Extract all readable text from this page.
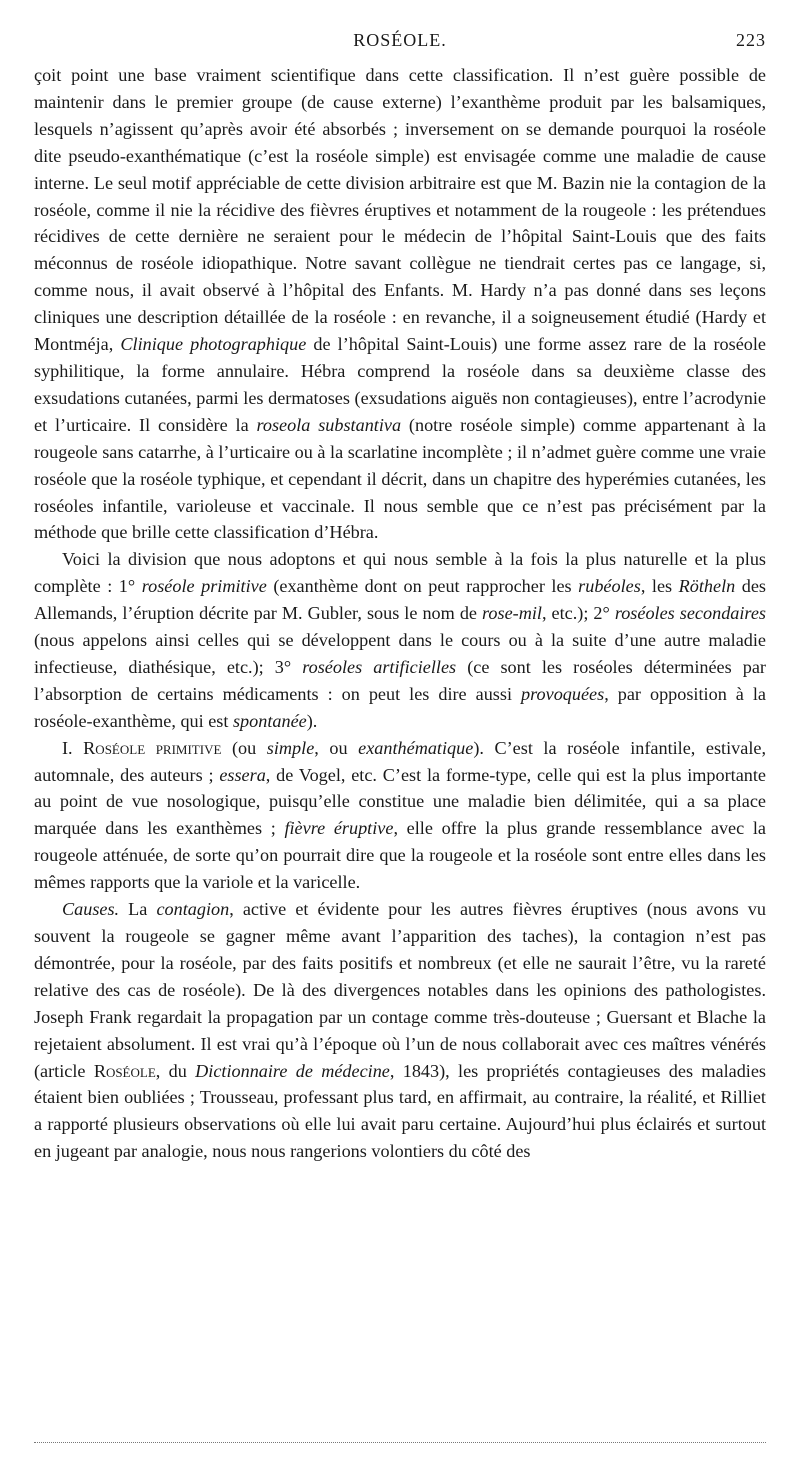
ROSÉOLE.	223

çoit point une base vraiment scientifique dans cette classification. Il n’est guère possible de maintenir dans le premier groupe (de cause externe) l’exanthème produit par les balsamiques, lesquels n’agissent qu’après avoir été absorbés ; inversement on se demande pourquoi la roséole dite pseudo-exanthématique (c’est la roséole simple) est envisagée comme une maladie de cause interne. Le seul motif appréciable de cette division arbitraire est que M. Bazin nie la contagion de la roséole, comme il nie la récidive des fièvres éruptives et notamment de la rougeole : les prétendues récidives de cette dernière ne seraient pour le médecin de l’hôpital Saint-Louis que des faits méconnus de roséole idiopathique. Notre savant collègue ne tiendrait certes pas ce langage, si, comme nous, il avait observé à l’hôpital des Enfants. M. Hardy n’a pas donné dans ses leçons cliniques une description détaillée de la roséole : en revanche, il a soigneusement étudié (Hardy et Montméja, Clinique photographique de l’hôpital Saint-Louis) une forme assez rare de la roséole syphilitique, la forme annulaire. Hébra comprend la roséole dans sa deuxième classe des exsudations cutanées, parmi les dermatoses (exsudations aiguës non contagieuses), entre l’acrodynie et l’urticaire. Il considère la roseola substantiva (notre roséole simple) comme appartenant à la rougeole sans catarrhe, à l’urticaire ou à la scarlatine incomplète ; il n’admet guère comme une vraie roséole que la roséole typhique, et cependant il décrit, dans un chapitre des hyperémies cutanées, les roséoles infantile, varioleuse et vaccinale. Il nous semble que ce n’est pas précisément par la méthode que brille cette classification d’Hébra.

Voici la division que nous adoptons et qui nous semble à la fois la plus naturelle et la plus complète : 1° roséole primitive (exanthème dont on peut rapprocher les rubéoles, les Rötheln des Allemands, l’éruption décrite par M. Gubler, sous le nom de rose-mil, etc.); 2° roséoles secondaires (nous appelons ainsi celles qui se développent dans le cours ou à la suite d’une autre maladie infectieuse, diathésique, etc.); 3° roséoles artificielles (ce sont les roséoles déterminées par l’absorption de certains médicaments : on peut les dire aussi provoquées, par opposition à la roséole-exanthème, qui est spontanée).

I. Roséole primitive (ou simple, ou exanthématique). C’est la roséole infantile, estivale, automnale, des auteurs ; essera, de Vogel, etc. C’est la forme-type, celle qui est la plus importante au point de vue nosologique, puisqu’elle constitue une maladie bien délimitée, qui a sa place marquée dans les exanthèmes ; fièvre éruptive, elle offre la plus grande ressemblance avec la rougeole atténuée, de sorte qu’on pourrait dire que la rougeole et la roséole sont entre elles dans les mêmes rapports que la variole et la varicelle.

Causes. La contagion, active et évidente pour les autres fièvres éruptives (nous avons vu souvent la rougeole se gagner même avant l’apparition des taches), la contagion n’est pas démontrée, pour la roséole, par des faits positifs et nombreux (et elle ne saurait l’être, vu la rareté relative des cas de roséole). De là des divergences notables dans les opinions des pathologistes. Joseph Frank regardait la propagation par un contage comme très-douteuse ; Guersant et Blache la rejetaient absolument. Il est vrai qu’à l’époque où l’un de nous collaborait avec ces maîtres vénérés (article Roséole, du Dictionnaire de médecine, 1843), les propriétés contagieuses des maladies étaient bien oubliées ; Trousseau, professant plus tard, en affirmait, au contraire, la réalité, et Rilliet a rapporté plusieurs observations où elle lui avait paru certaine. Aujourd’hui plus éclairés et surtout en jugeant par analogie, nous nous rangerions volontiers du côté des
